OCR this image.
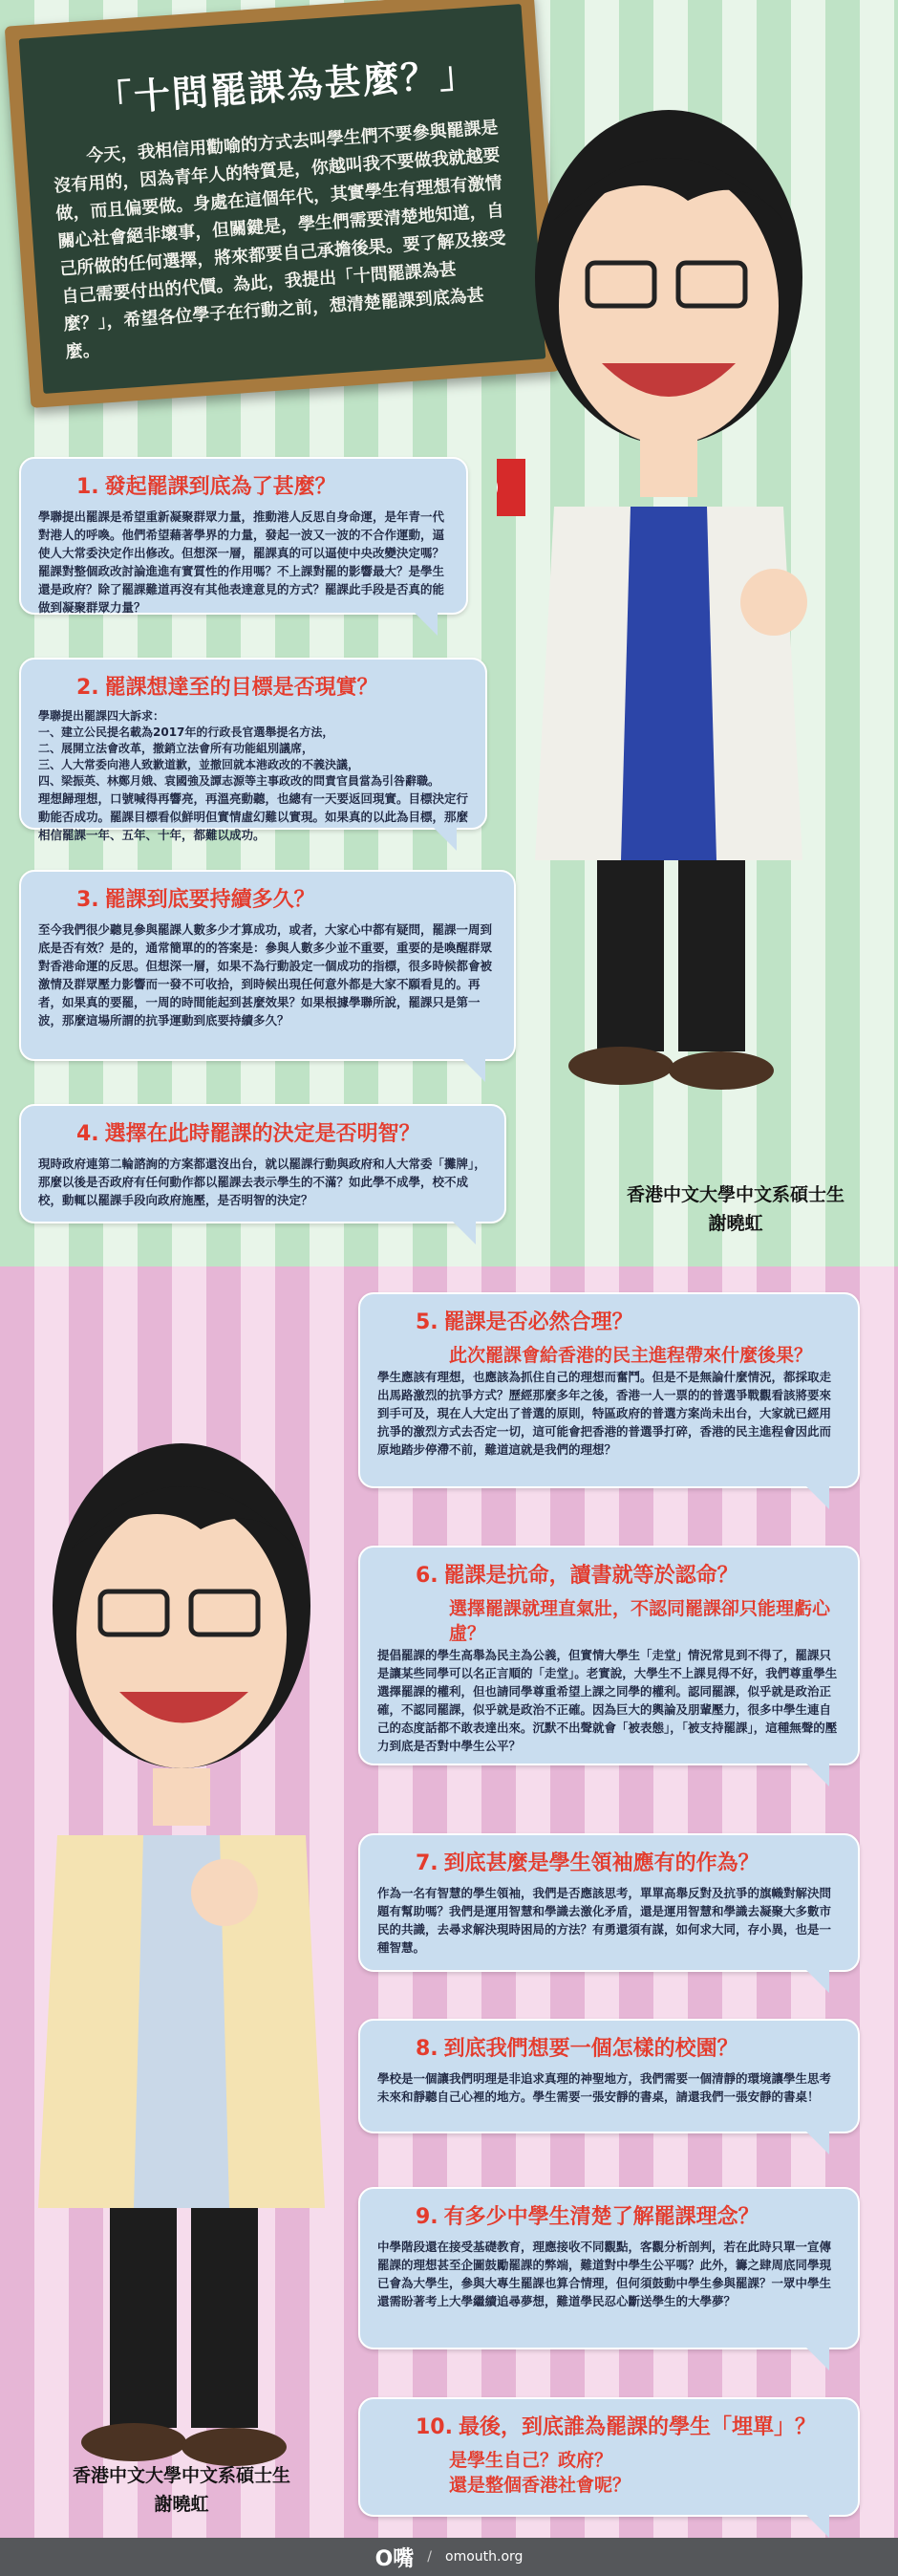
「十問罷課為甚麼？」
今天，我相信用勸喻的方式去叫學生們不要參與罷課是沒有用的，因為青年人的特質是，你越叫我不要做我就越要做，而且偏要做。身處在這個年代，其實學生有理想有激情關心社會絕非壞事，但關鍵是，學生們需要清楚地知道，自己所做的任何選擇，將來都要自己承擔後果。要了解及接受自己需要付出的代價。為此，我提出「十問罷課為甚麼？」，希望各位學子在行動之前，想清楚罷課到底為甚麼。
香港中文大學中文系碩士生
謝曉虹
1. 發起罷課到底為了甚麼？
學聯提出罷課是希望重新凝聚群眾力量，推動港人反思自身命運，是年青一代對港人的呼喚。他們希望藉著學界的力量，發起一波又一波的不合作運動，逼使人大常委決定作出修改。但想深一層，罷課真的可以逼使中央改變決定嗎？罷課對整個政改討論進進有實質性的作用嗎？不上課對罷的影響最大？是學生還是政府？除了罷課難道再沒有其他表達意見的方式？罷課此手段是否真的能做到凝聚群眾力量？
2. 罷課想達至的目標是否現實？
學聯提出罷課四大訴求：
一、建立公民提名載為2017年的行政長官選舉提名方法，
二、展開立法會改革，撤銷立法會所有功能組別議席，
三、人大常委向港人致歉道歉，並撤回就本港政改的不義決議，
四、梁振英、林鄭月娥、袁國強及譚志源等主事政改的問責官員當為引咎辭職。
理想歸理想，口號喊得再響亮，再溫亮動聽，也總有一天要返回現實。目標決定行動能否成功。罷課目標看似鮮明但實情虛幻難以實現。如果真的以此為目標，那麼相信罷課一年、五年、十年，都難以成功。
3. 罷課到底要持續多久？
至今我們很少聽見參與罷課人數多少才算成功，或者，大家心中都有疑問，罷課一周到底是否有效？是的，通常簡單的的答案是：參與人數多少並不重要，重要的是喚醒群眾對香港命運的反思。但想深一層，如果不為行動設定一個成功的指標，很多時候都會被激情及群眾壓力影響而一發不可收拾，到時候出現任何意外都是大家不願看見的。再者，如果真的要罷，一周的時間能起到甚麼效果？如果根據學聯所說，罷課只是第一波，那麼這場所謂的抗爭運動到底要持續多久？
4. 選擇在此時罷課的決定是否明智？
現時政府連第二輪諮詢的方案都還沒出台，就以罷課行動與政府和人大常委「攤牌」，那麼以後是否政府有任何動作都以罷課去表示學生的不滿？如此學不成學，校不成校，動輒以罷課手段向政府施壓，是否明智的決定？
香港中文大學中文系碩士生
謝曉虹
5. 罷課是否必然合理？
此次罷課會給香港的民主進程帶來什麼後果？
學生應該有理想，也應該為抓住自己的理想而奮鬥。但是不是無論什麼情況，都採取走出馬路激烈的抗爭方式？歷經那麼多年之後，香港一人一票的的普選爭戰觀看該將要來到手可及，現在人大定出了普選的原則，特區政府的普選方案尚未出台，大家就已經用抗爭的激烈方式去否定一切，這可能會把香港的普選爭打碎，香港的民主進程會因此而原地踏步停滯不前，難道這就是我們的理想？
6. 罷課是抗命，讀書就等於認命？
選擇罷課就理直氣壯，不認同罷課卻只能理虧心虛？
提倡罷課的學生高舉為民主為公義，但實情大學生「走堂」情況常見到不得了，罷課只是讓某些同學可以名正言順的「走堂」。老實說，大學生不上課見得不好，我們尊重學生選擇罷課的權利，但也請同學尊重希望上課之同學的權利。認同罷課，似乎就是政治正確，不認同罷課，似乎就是政治不正確。因為巨大的輿論及朋輩壓力，很多中學生連自己的态度話都不敢表達出來。沉默不出聲就會「被表態」，「被支持罷課」，這種無聲的壓力到底是否對中學生公平？
7. 到底甚麼是學生領袖應有的作為？
作為一名有智慧的學生領袖，我們是否應該思考，單單高舉反對及抗爭的旗幟對解決問題有幫助嗎？我們是運用智慧和學識去激化矛盾，還是運用智慧和學識去凝聚大多數市民的共識，去尋求解決現時困局的方法？有勇還須有謀，如何求大同，存小異，也是一種智慧。
8. 到底我們想要一個怎樣的校園？
學校是一個讓我們明理是非追求真理的神聖地方，我們需要一個清靜的環境讓學生思考未來和靜聽自己心裡的地方。學生需要一張安靜的書桌，請還我們一張安靜的書桌！
9. 有多少中學生清楚了解罷課理念？
中學階段還在接受基礎教育，理應接收不同觀點，客觀分析剖判，若在此時只單一宣傳罷課的理想甚至企圖鼓勵罷課的弊端，難道對中學生公平嗎？此外，籌之肆周底同學現已會為大學生，參與大專生罷課也算合情理，但何須鼓動中學生參與罷課？一眾中學生還需盼著考上大學繼續追尋夢想，難道學民忍心斷送學生的大學夢？
10. 最後，到底誰為罷課的學生「埋單」？
是學生自己？政府？
還是整個香港社會呢？
O嘴 / omouth.org
